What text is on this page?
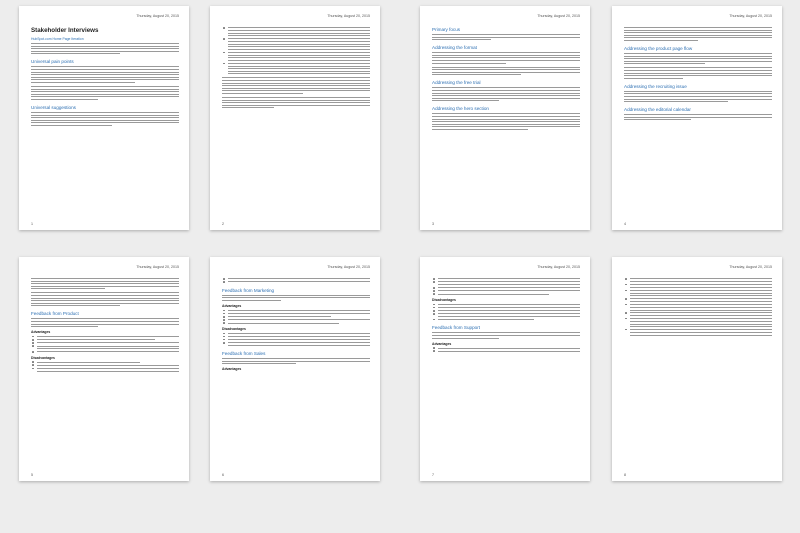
Thursday, August 20, 2015
Stakeholder Interviews
HubSpot.com Home Page Iteration
Universal pain points
Universal suggestions
1
Thursday, August 20, 2015
2
Thursday, August 20, 2015
Primary focus
Addressing the format
Addressing the free trial
Addressing the hero section
3
Thursday, August 20, 2015
Addressing the product page flow
Addressing the recruiting issue
Addressing the editorial calendar
4
Thursday, August 20, 2015
Feedback from Product
Advantages
Disadvantages
5
Thursday, August 20, 2015
Feedback from Marketing
Advantages
Disadvantages
Feedback from Sales
Advantages
6
Thursday, August 20, 2015
Disadvantages
Feedback from Support
Advantages
7
Thursday, August 20, 2015
8
